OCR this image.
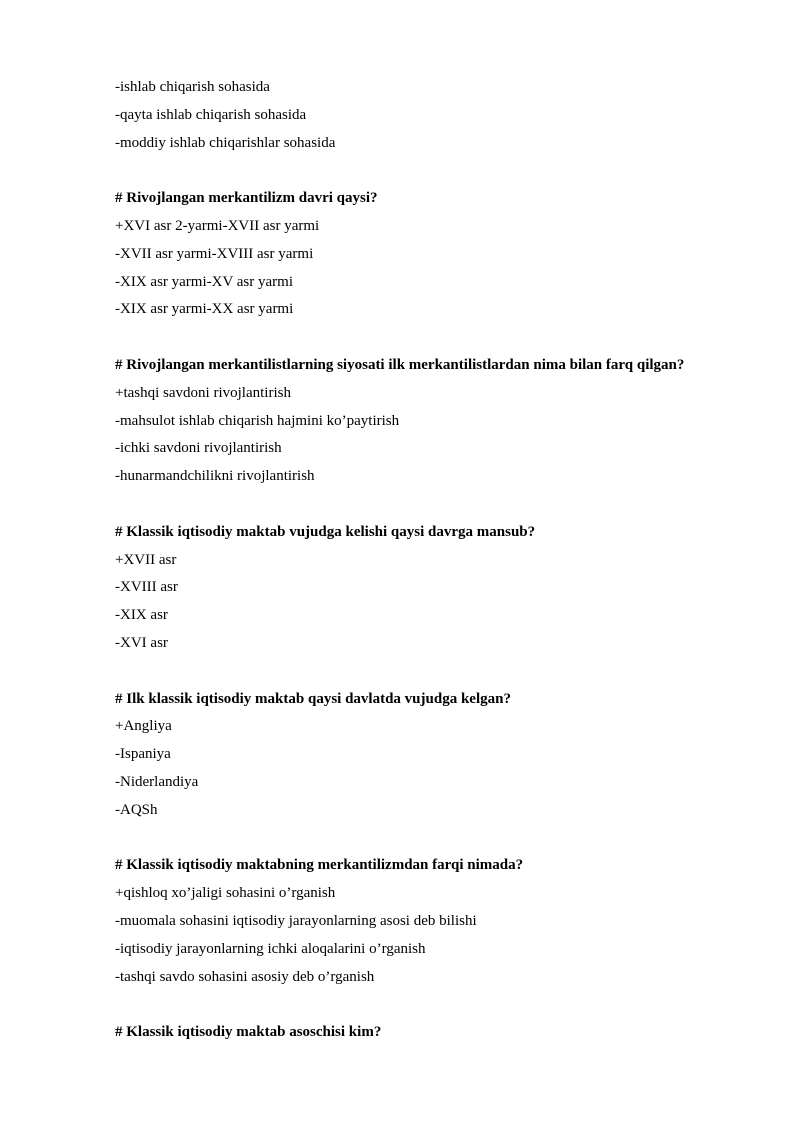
-ishlab chiqarish sohasida
-qayta ishlab chiqarish sohasida
-moddiy ishlab chiqarishlar sohasida
# Rivojlangan merkantilizm davri qaysi?
+XVI asr 2-yarmi-XVII asr yarmi
-XVII asr yarmi-XVIII asr yarmi
-XIX asr yarmi-XV asr yarmi
-XIX asr yarmi-XX asr yarmi
# Rivojlangan merkantilistlarning siyosati ilk merkantilistlardan nima bilan farq qilgan?
+tashqi savdoni rivojlantirish
-mahsulot ishlab chiqarish hajmini ko’paytirish
-ichki savdoni rivojlantirish
-hunarmandchilikni rivojlantirish
# Klassik iqtisodiy maktab vujudga kelishi qaysi davrga mansub?
+XVII asr
-XVIII asr
-XIX asr
-XVI asr
# Ilk klassik iqtisodiy maktab qaysi davlatda vujudga kelgan?
+Angliya
-Ispaniya
-Niderlandiya
-AQSh
# Klassik iqtisodiy maktabning merkantilizmdan farqi nimada?
+qishloq xo’jaligi sohasini o’rganish
-muomala sohasini iqtisodiy jarayonlarning asosi deb bilishi
-iqtisodiy jarayonlarning ichki aloqalarini o’rganish
-tashqi savdo sohasini asosiy deb o’rganish
# Klassik iqtisodiy maktab asoschisi kim?
